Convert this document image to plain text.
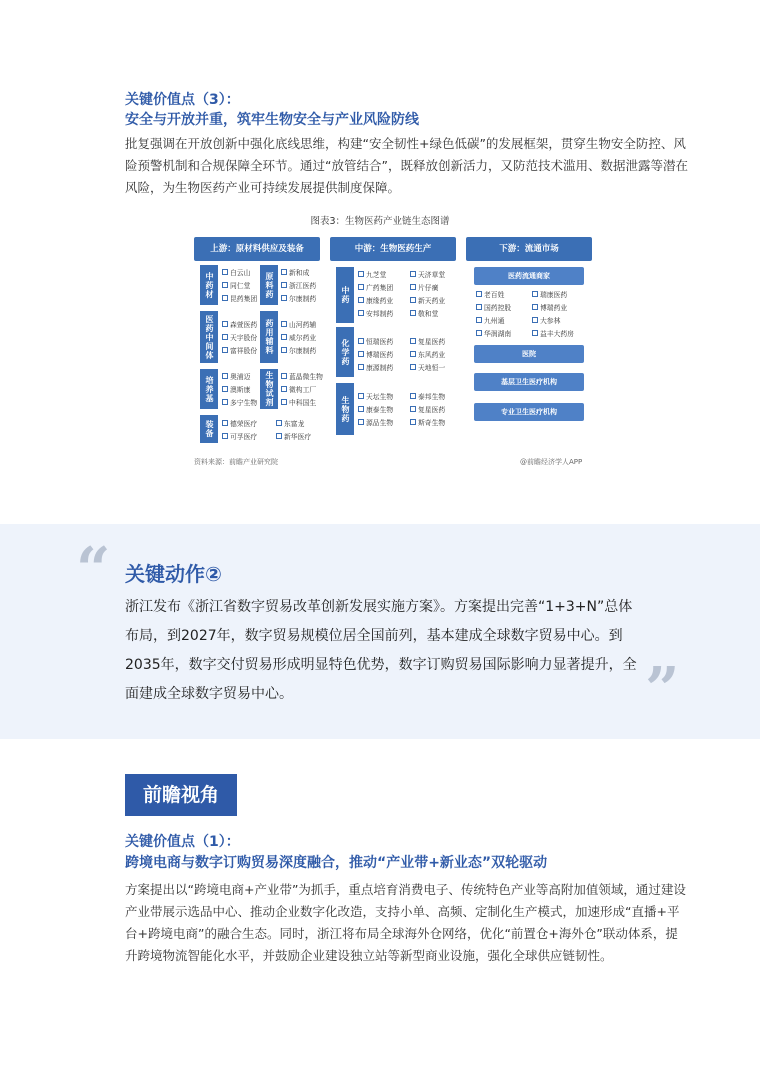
关键价值点（3）：
安全与开放并重，筑牢生物安全与产业风险防线
批复强调在开放创新中强化底线思维，构建“安全韧性+绿色低碳”的发展框架，贯穿生物安全防控、风险预警机制和合规保障全环节。通过“放管结合”，既释放创新活力，又防范技术滥用、数据泄露等潜在风险，为生物医药产业可持续发展提供制度保障。
图表3：生物医药产业链生态图谱
上游：原材料供应及装备	中游：生物医药生产	下游：流通市场
中药材	白云山
同仁堂
昆药集团
医药中间体	森萱医药
天宇股份
富祥股份
培养基	奥浦迈
澳斯康
多宁生物
装备	德荣医疗	东富龙
可孚医疗	新华医疗
原料药	新和成
浙江医药
尔康制药
药用辅料	山河药辅
威尔药业
尔康制药
生物试剂	蓝晶微生物
微构工厂
中科国生
中药
九芝堂	天济草堂
广药集团	片仔癀
康缘药业	新天药业
安邦制药	敬和堂
化学药	恒瑞医药	复星医药
博瑞医药	东风药业
康源制药	天地恒一
生物药	天坛生物	泰邦生物
康泰生物	复星医药
源品生物	斯奇生物
医药流通商家
老百姓	瑞康医药
国药控股	博瑞药业
九州通	大参林
华润湖南	益丰大药房
医院
基层卫生医疗机构
专业卫生医疗机构
资料来源：前瞻产业研究院	@前瞻经济学人APP
“ 关键动作②
浙江发布《浙江省数字贸易改革创新发展实施方案》。方案提出完善“1+3+N”总体布局，到2027年，数字贸易规模位居全国前列，基本建成全球数字贸易中心。到2035年，数字交付贸易形成明显特色优势，数字订购贸易国际影响力显著提升，全面建成全球数字贸易中心。	”
前瞻视角
关键价值点（1）：
跨境电商与数字订购贸易深度融合，推动“产业带+新业态”双轮驱动
方案提出以“跨境电商+产业带”为抓手，重点培育消费电子、传统特色产业等高附加值领域，通过建设产业带展示选品中心、推动企业数字化改造，支持小单、高频、定制化生产模式，加速形成“直播+平台+跨境电商”的融合生态。同时，浙江将布局全球海外仓网络，优化“前置仓+海外仓”联动体系，提升跨境物流智能化水平，并鼓励企业建设独立站等新型商业设施，强化全球供应链韧性。
